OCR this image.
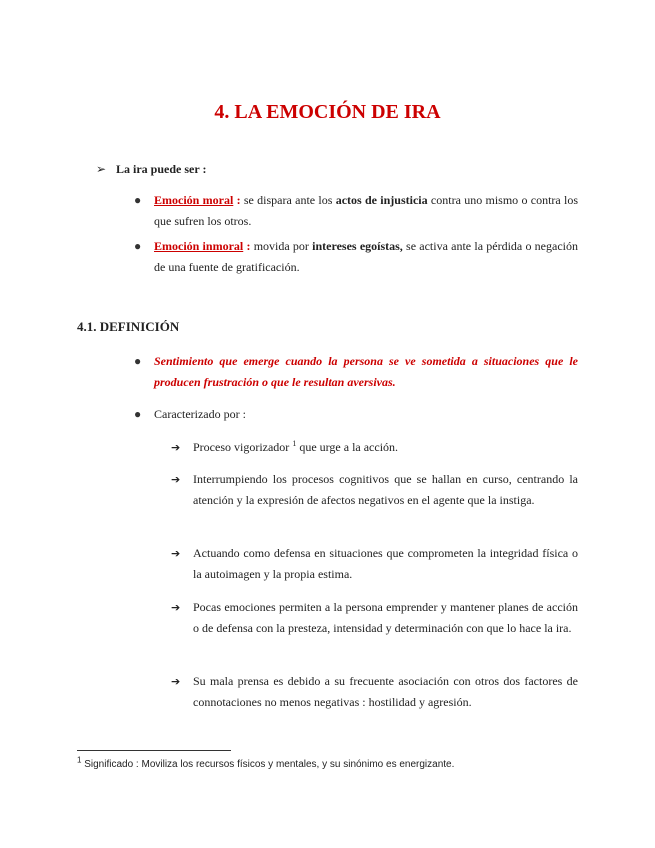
4. LA EMOCIÓN DE IRA
➢ La ira puede ser :
● Emoción moral : se dispara ante los actos de injusticia contra uno mismo o contra los que sufren los otros.
● Emoción inmoral : movida por intereses egoístas, se activa ante la pérdida o negación de una fuente de gratificación.
4.1. DEFINICIÓN
● Sentimiento que emerge cuando la persona se ve sometida a situaciones que le producen frustración o que le resultan aversivas.
● Caracterizado por :
➔ Proceso vigorizador $^1$ que urge a la acción.
➔ Interrumpiendo los procesos cognitivos que se hallan en curso, centrando la atención y la expresión de afectos negativos en el agente que la instiga.
➔ Actuando como defensa en situaciones que comprometen la integridad física o la autoimagen y la propia estima.
➔ Pocas emociones permiten a la persona emprender y mantener planes de acción o de defensa con la presteza, intensidad y determinación con que lo hace la ira.
➔ Su mala prensa es debido a su frecuente asociación con otros dos factores de connotaciones no menos negativas : hostilidad y agresión.
$^1$ Significado : Moviliza los recursos físicos y mentales, y su sinónimo es energizante.
